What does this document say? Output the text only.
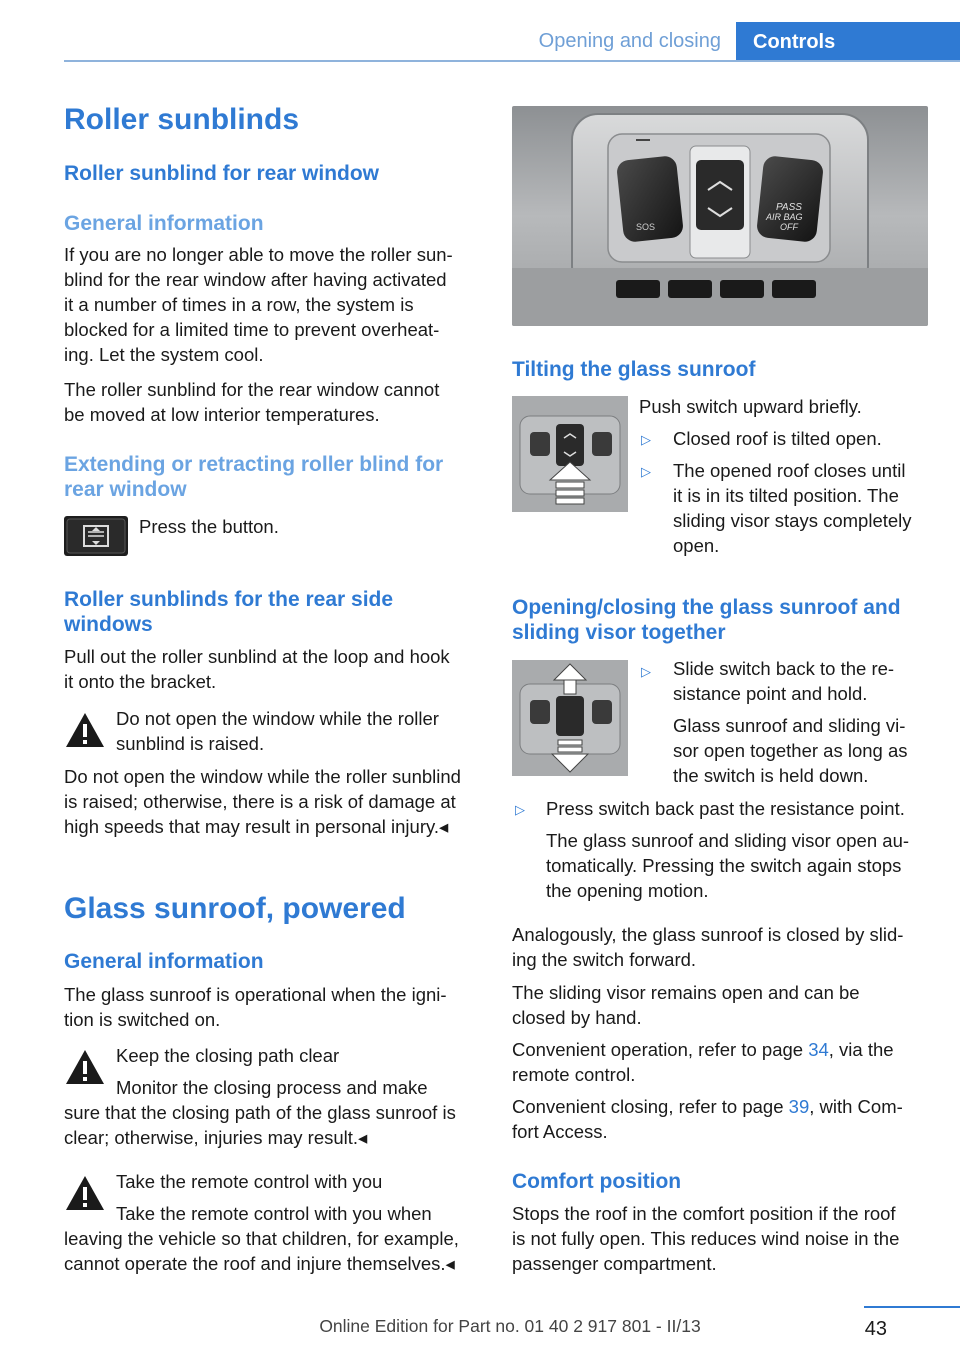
Opening and closing	Controls
Roller sunblinds
Roller sunblind for rear window
General information

If you are no longer able to move the roller sun-

blind for the rear window after having activated

it a number of times in a row, the system is

blocked for a limited time to prevent overheat-

ing. Let the system cool.

The roller sunblind for the rear window cannot

be moved at low interior temperatures.

Extending or retracting roller blind for
rear window

Press the button.

Roller sunblinds for the rear side
windows

Pull out the roller sunblind at the loop and hook

it onto the bracket.

Do not open the window while the roller

sunblind is raised.

Do not open the window while the roller sunblind

is raised; otherwise, there is a risk of damage at

high speeds that may result in personal injury.◂

Glass sunroof, powered
General information

The glass sunroof is operational when the igni-

tion is switched on.

Keep the closing path clear

Monitor the closing process and make

sure that the closing path of the glass sunroof is

clear; otherwise, injuries may result.◂

Take the remote control with you

Take the remote control with you when

leaving the vehicle so that children, for example,

cannot operate the roof and injure themselves.◂

SOS
PASS
AIR BAG
OFF
Tilting the glass sunroof

Push switch upward briefly.

▷ Closed roof is tilted open.

▷ The opened roof closes until

it is in its tilted position. The

sliding visor stays completely

open.

Opening/closing the glass sunroof and
sliding visor together
▷ Slide switch back to the re-

sistance point and hold.

Glass sunroof and sliding vi-

sor open together as long as

the switch is held down.

▷ Press switch back past the resistance point.

The glass sunroof and sliding visor open au-

tomatically. Pressing the switch again stops

the opening motion.

Analogously, the glass sunroof is closed by slid-

ing the switch forward.

The sliding visor remains open and can be

closed by hand.

Convenient operation, refer to page 34, via the

remote control.

Convenient closing, refer to page 39, with Com-

fort Access.

Comfort position

Stops the roof in the comfort position if the roof

is not fully open. This reduces wind noise in the

passenger compartment.

43
Online Edition for Part no. 01 40 2 917 801 - II/13
